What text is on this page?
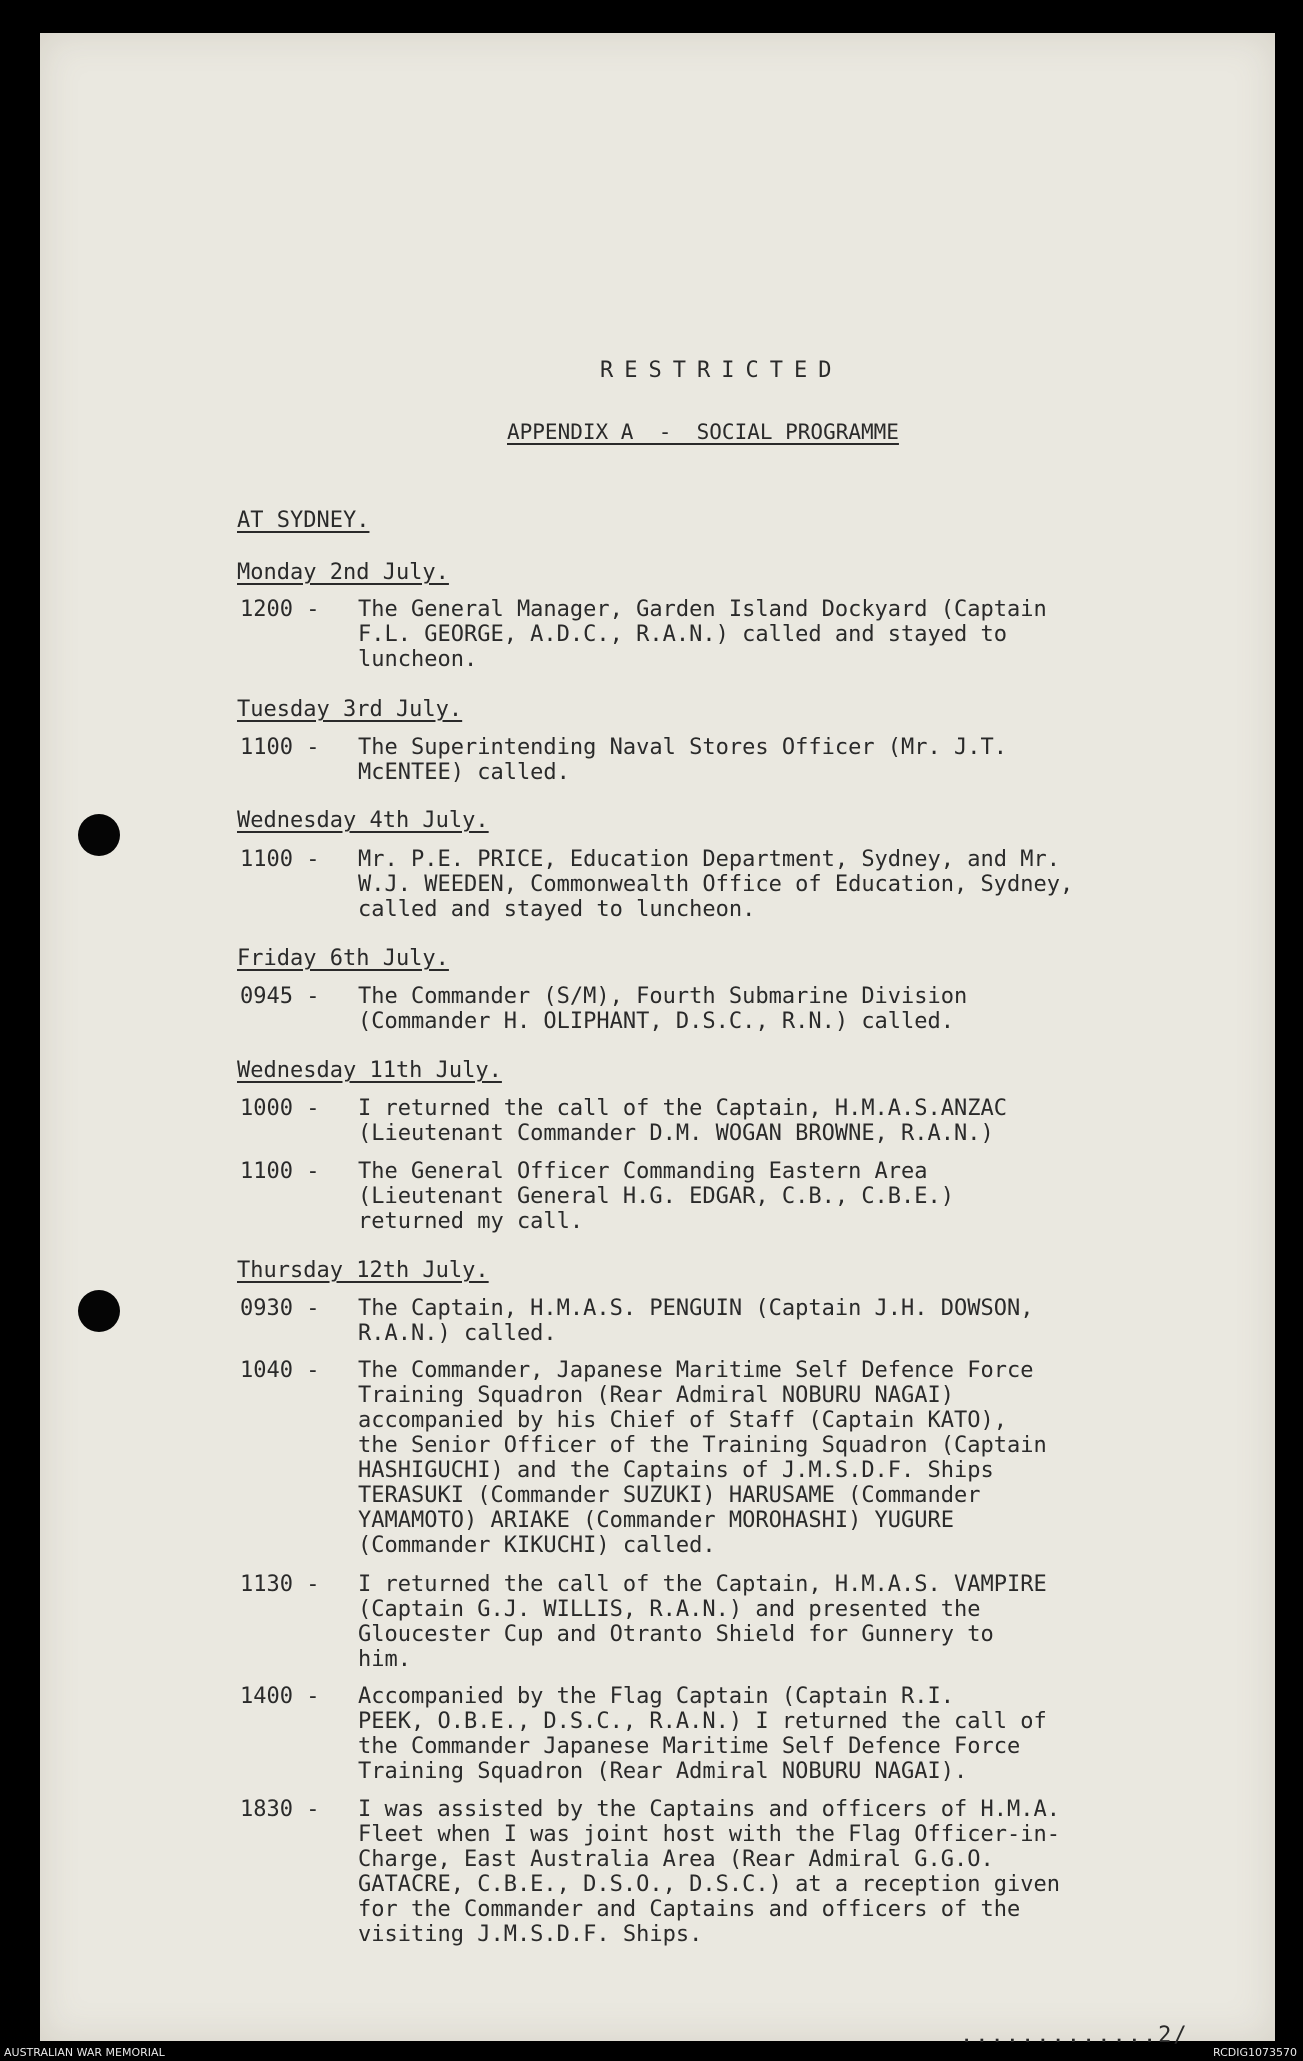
.............2/
RESTRICTED
APPENDIX A  -  SOCIAL PROGRAMME
AT SYDNEY.
Monday 2nd July.
1200 - The General Manager, Garden Island Dockyard (Captain
F.L. GEORGE, A.D.C., R.A.N.) called and stayed to
luncheon.
Tuesday 3rd July.
1100 - The Superintending Naval Stores Officer (Mr. J.T.
McENTEE) called.
Wednesday 4th July.
1100 - Mr. P.E. PRICE, Education Department, Sydney, and Mr.
W.J. WEEDEN, Commonwealth Office of Education, Sydney,
called and stayed to luncheon.
Friday 6th July.
0945 - The Commander (S/M), Fourth Submarine Division
(Commander H. OLIPHANT, D.S.C., R.N.) called.
Wednesday 11th July.
1000 - I returned the call of the Captain, H.M.A.S.ANZAC
(Lieutenant Commander D.M. WOGAN BROWNE, R.A.N.)
1100 - The General Officer Commanding Eastern Area
(Lieutenant General H.G. EDGAR, C.B., C.B.E.)
returned my call.
Thursday 12th July.
0930 - The Captain, H.M.A.S. PENGUIN (Captain J.H. DOWSON,
R.A.N.) called.
1040 - The Commander, Japanese Maritime Self Defence Force
Training Squadron (Rear Admiral NOBURU NAGAI)
accompanied by his Chief of Staff (Captain KATO),
the Senior Officer of the Training Squadron (Captain
HASHIGUCHI) and the Captains of J.M.S.D.F. Ships
TERASUKI (Commander SUZUKI) HARUSAME (Commander
YAMAMOTO) ARIAKE (Commander MOROHASHI) YUGURE
(Commander KIKUCHI) called.
1130 - I returned the call of the Captain, H.M.A.S. VAMPIRE
(Captain G.J. WILLIS, R.A.N.) and presented the
Gloucester Cup and Otranto Shield for Gunnery to
him.
1400 - Accompanied by the Flag Captain (Captain R.I.
PEEK, O.B.E., D.S.C., R.A.N.) I returned the call of
the Commander Japanese Maritime Self Defence Force
Training Squadron (Rear Admiral NOBURU NAGAI).
1830 - I was assisted by the Captains and officers of H.M.A.
Fleet when I was joint host with the Flag Officer-in-
Charge, East Australia Area (Rear Admiral G.G.O.
GATACRE, C.B.E., D.S.O., D.S.C.) at a reception given
for the Commander and Captains and officers of the
visiting J.M.S.D.F. Ships.
AUSTRALIAN WAR MEMORIAL	RCDIG1073570
